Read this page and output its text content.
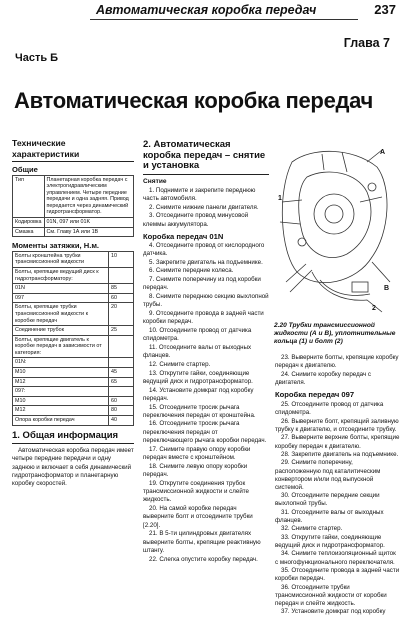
Автоматическая коробка передач	237
Глава 7
Часть Б
Автоматическая коробка передач
Технические характеристики
Общие
Тип	Планетарная коробка передач с электрогидравлическим управлением. Четыре передние передачи и одна задняя. Привод передается через динамический гидротрансформатор.
Кодировка	01N, 097 или 01K
Смазка	См. Главу 1А или 1В
Моменты затяжки, Н.м.
Болты кронштейна трубки трансмиссионной жидкости	10
Болты, крепящие ведущий диск к гидротрансформатору:	
01N	85
097	60
Болты, крепящие трубки трансмиссионной жидкости к коробке передач	20
Соединение трубок	25
Болты, крепящие двигатель к коробке передач в зависимости от катеrория:	
01N:	
M10	45
M12	65
097:	
M10	60
M12	80
Опора коробки передач	40
1. Общая информация

Автоматическая коробка передач имеет четыре передние передачи и одну заднюю и включает в себя динамический гидротрансформатор и планетарную коробку скоростей.

2. Автоматическая коробка передач – снятие и установка
Снятие
1. Поднимите и закрепите переднюю часть автомобиля.
2. Снимите нижние панели двигателя.
3. Отсоедините провод минусовой клеммы аккумулятора.
Коробка передач 01N
4. Отсоедините провод от кислородного датчика.
5. Закрепите двигатель на подъемнике.
6. Снимите передние колеса.
7. Снимите поперечину из под коробки передач.
8. Снимите переднюю секцию выхлопной трубы.
9. Отсоедините провода в задней части коробки передач.
10. Отсоедините провод от датчика спидометра.
11. Отсоедините валы от выходных фланцев.
12. Снимите стартер.
13. Открутите гайки, соединяющие ведущий диск и гидротрансформатор.
14. Установите домкрат под коробку передач.
15. Отсоедините тросик рычага переключения передач от кронштейна.
16. Отсоедините тросик рычага переключения передач от переключающего рычага коробки передач.
17. Снимите правую опору коробки передач вместе с кронштейном.
18. Снимите левую опору коробки передач.
19. Открутите соединения трубок трансмиссионной жидкости и слейте жидкость.
20. На самой коробке передач выверните болт и отсоедините трубки [2.20].
21. В 5-ти цилиндровых двигателях выверните болты, крепящие реактивную штангу.
22. Слегка опустите коробку передач.
A
B
1
2
2.20 Трубки трансмиссионной жидкости (А и В), уплотнительные кольца (1) и болт (2)
23. Выверните болты, крепящие коробку передач к двигателю.
24. Снимите коробку передач с двигателя.
Коробка передач 097
25. Отсоедините провод от датчика спидометра.
26. Выверните болт, крепящий заливную трубку к двигателю, и отсоедините трубку.
27. Выверните верхние болты, крепящие коробку передач к двигателю.
28. Закрепите двигатель на подъемнике.
29. Снимите поперечину, расположенную под каталитическим конвертором и/или под выпускной системой.
30. Отсоедините передние секции выхлопной трубы.
31. Отсоедините валы от выходных фланцев.
32. Снимите стартер.
33. Открутите гайки, соединяющие ведущий диск и гидротрансформатор.
34. Снимите теплоизоляционный щиток с многофункционального переключателя.
35. Отсоедините провода в задней части коробки передач.
36. Отсоедините трубки трансмиссионной жидкости от коробки передач и слейте жидкость.
37. Установите домкрат под коробку
